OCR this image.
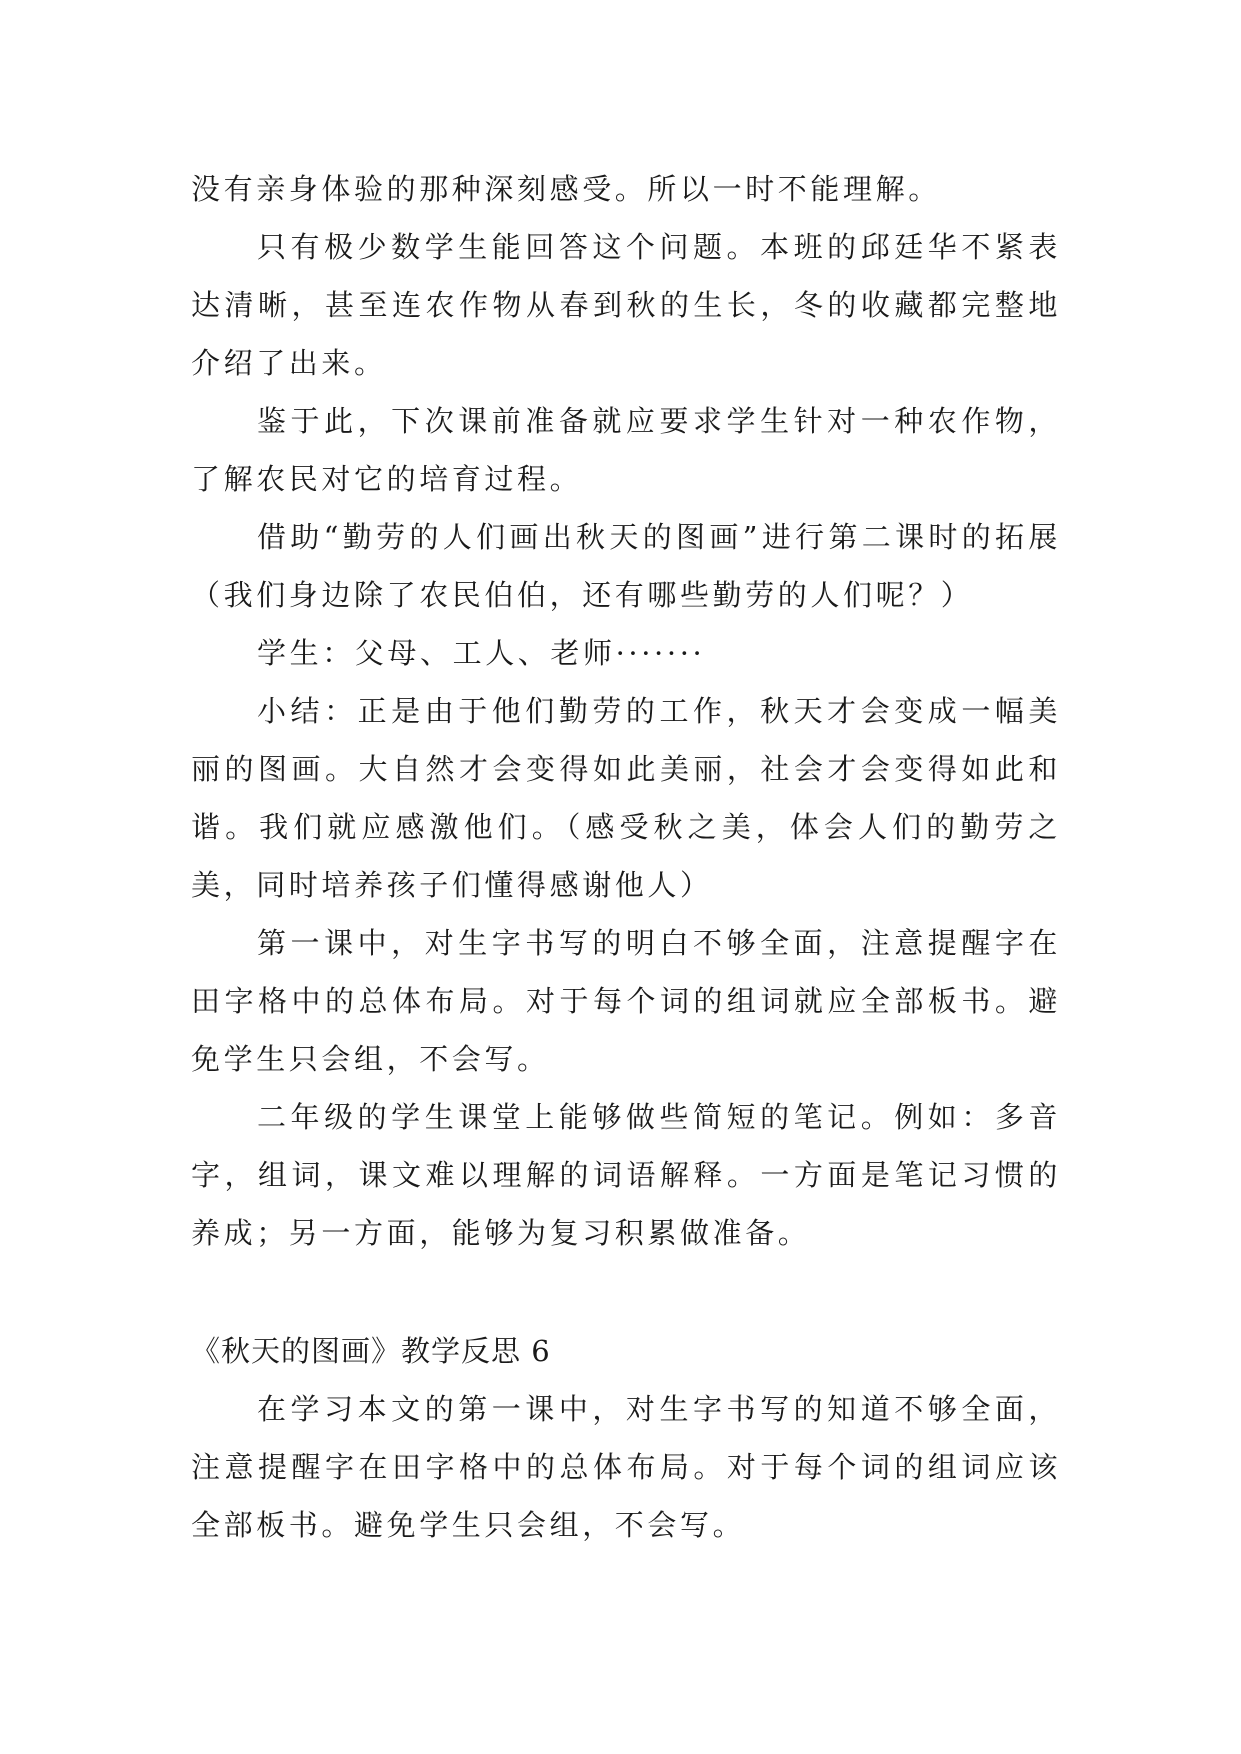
没有亲身体验的那种深刻感受。所以一时不能理解。

只有极少数学生能回答这个问题。本班的邱廷华不紧表达清晰，甚至连农作物从春到秋的生长，冬的收藏都完整地介绍了出来。

鉴于此，下次课前准备就应要求学生针对一种农作物，了解农民对它的培育过程。

借助“勤劳的人们画出秋天的图画”进行第二课时的拓展（我们身边除了农民伯伯，还有哪些勤劳的人们呢？）

学生：父母、工人、老师·······

小结：正是由于他们勤劳的工作，秋天才会变成一幅美丽的图画。大自然才会变得如此美丽，社会才会变得如此和谐。我们就应感激他们。（感受秋之美，体会人们的勤劳之美，同时培养孩子们懂得感谢他人）

第一课中，对生字书写的明白不够全面，注意提醒字在田字格中的总体布局。对于每个词的组词就应全部板书。避免学生只会组，不会写。

二年级的学生课堂上能够做些简短的笔记。例如：多音字，组词，课文难以理解的词语解释。一方面是笔记习惯的养成；另一方面，能够为复习积累做准备。

《秋天的图画》教学反思 6

在学习本文的第一课中，对生字书写的知道不够全面，注意提醒字在田字格中的总体布局。对于每个词的组词应该全部板书。避免学生只会组，不会写。
